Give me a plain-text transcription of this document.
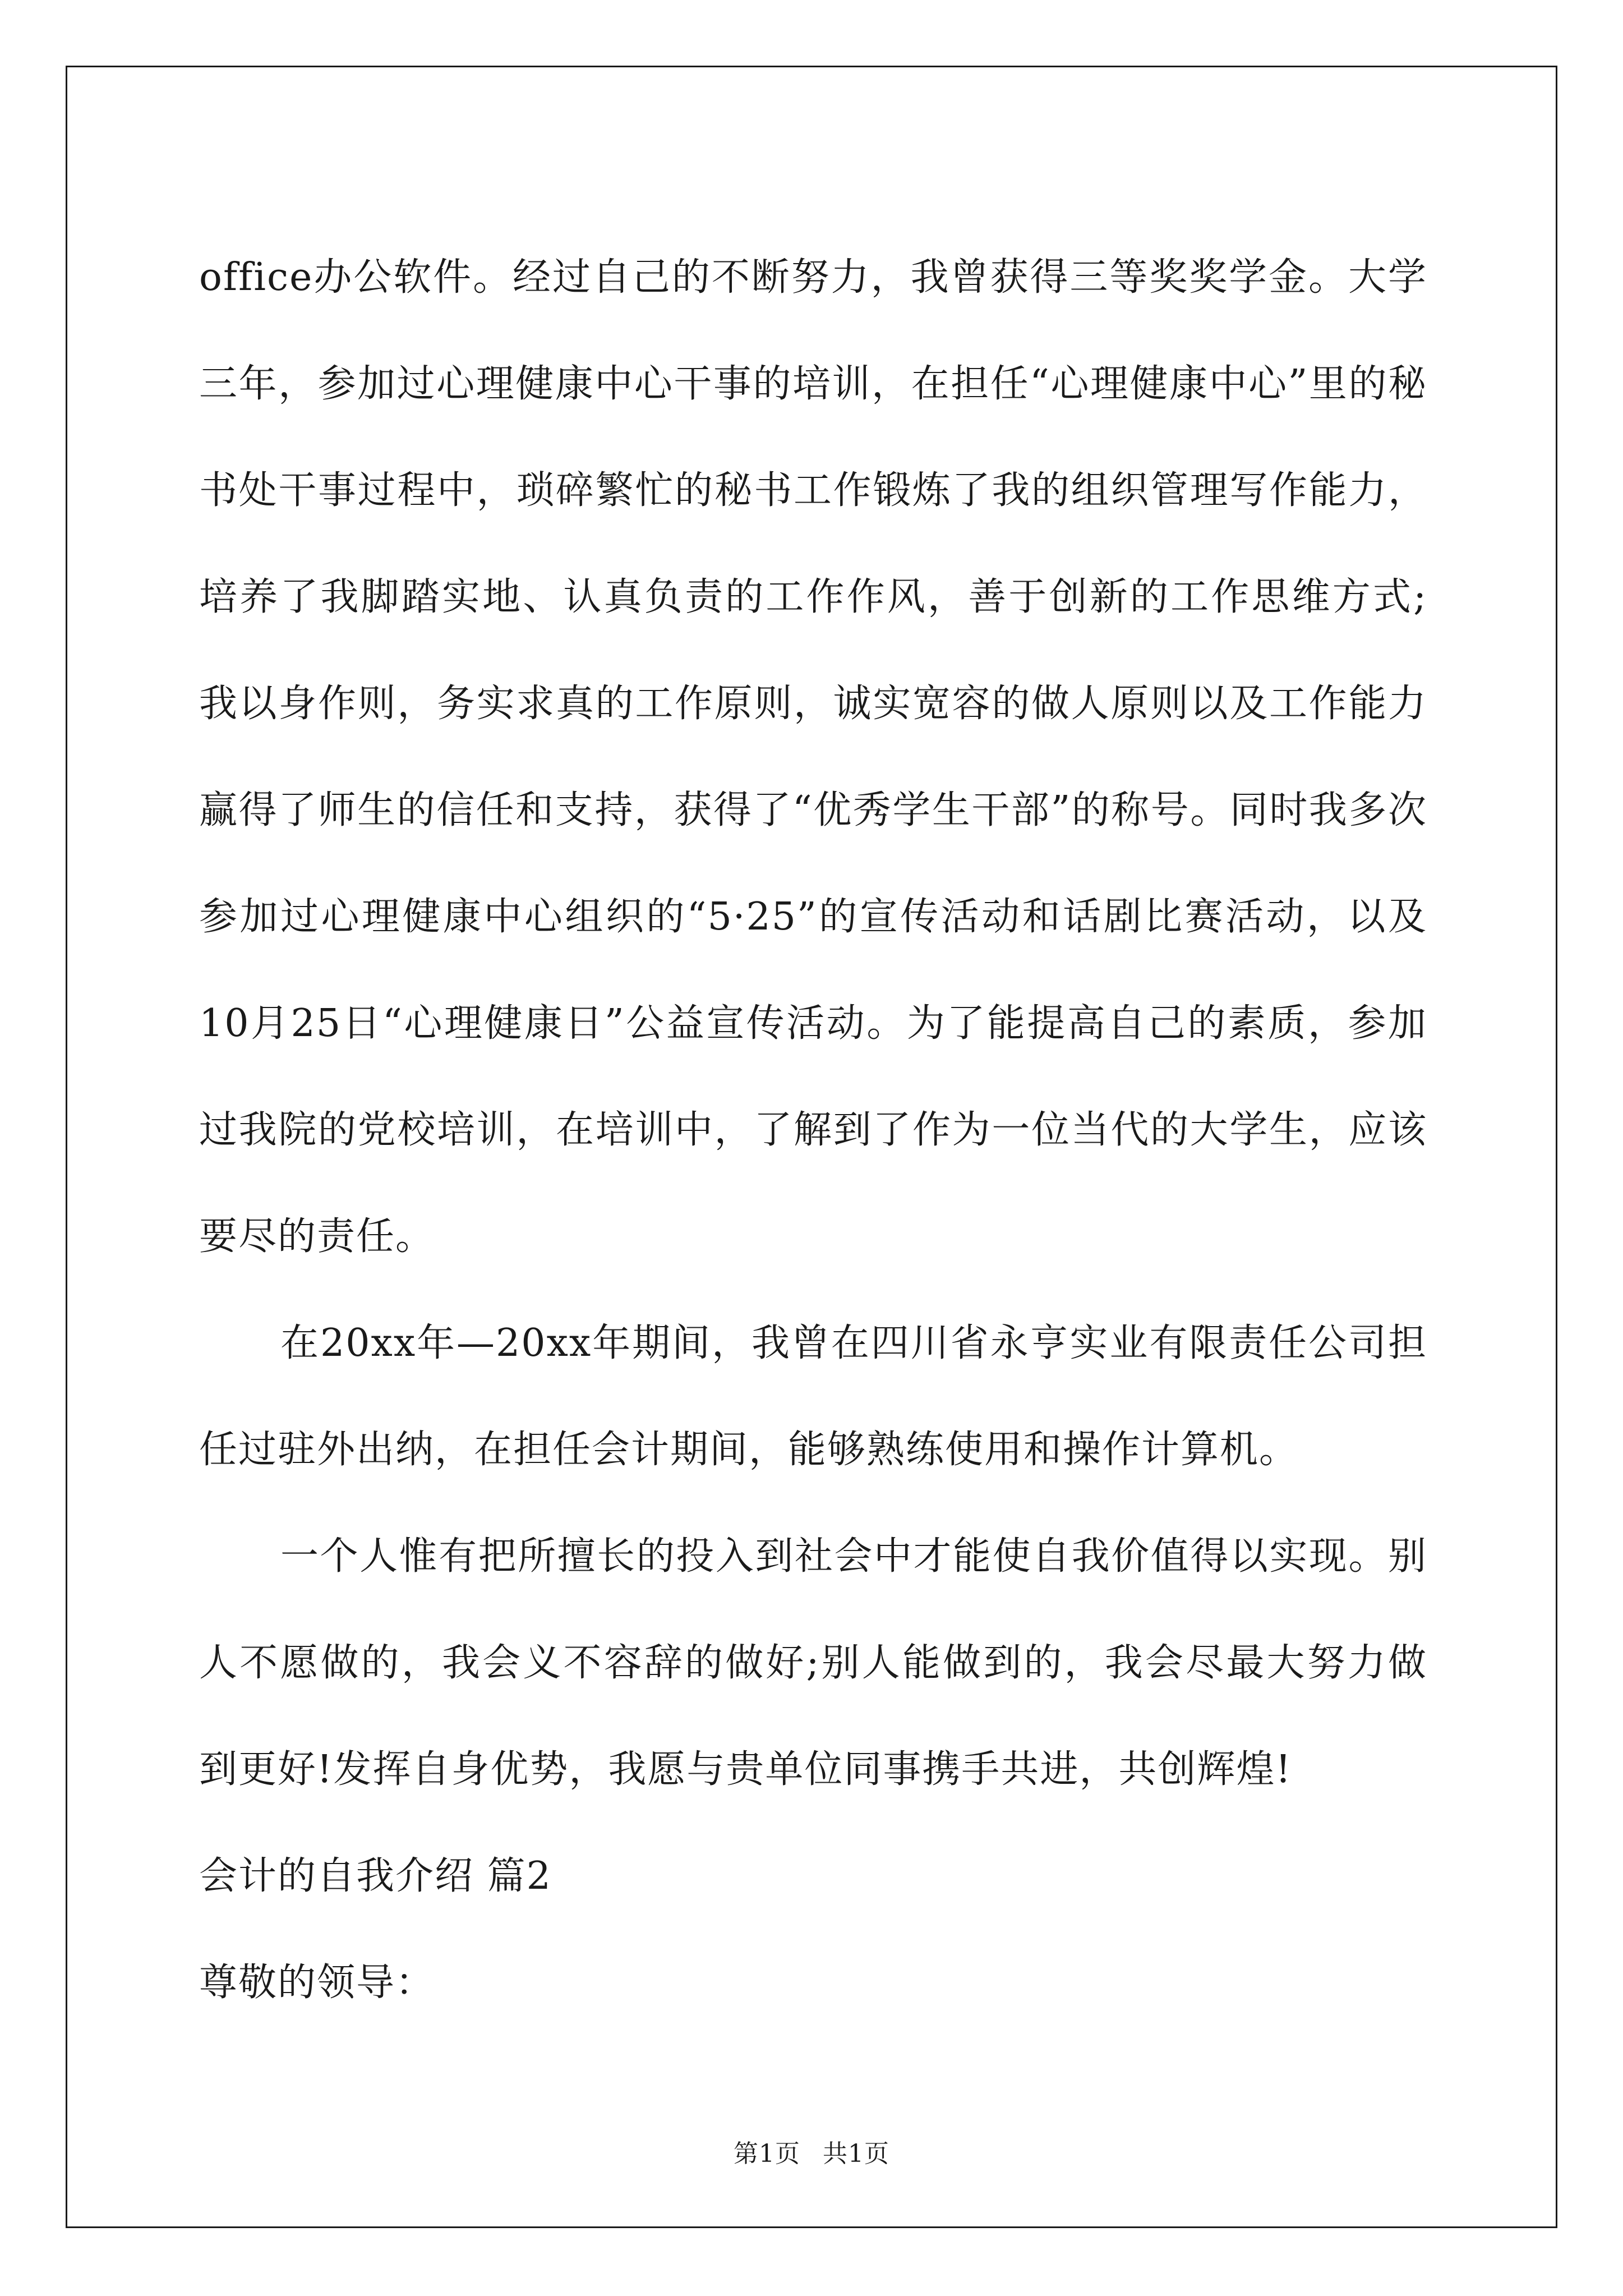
office办公软件。经过自己的不断努力，我曾获得三等奖奖学金。大学三年，参加过心理健康中心干事的培训，在担任“心理健康中心”里的秘书处干事过程中，琐碎繁忙的秘书工作锻炼了我的组织管理写作能力，培养了我脚踏实地、认真负责的工作作风，善于创新的工作思维方式;我以身作则，务实求真的工作原则，诚实宽容的做人原则以及工作能力赢得了师生的信任和支持，获得了“优秀学生干部”的称号。同时我多次参加过心理健康中心组织的“5·25”的宣传活动和话剧比赛活动，以及10月25日“心理健康日”公益宣传活动。为了能提高自己的素质，参加过我院的党校培训，在培训中，了解到了作为一位当代的大学生，应该要尽的责任。

在20xx年—20xx年期间，我曾在四川省永亨实业有限责任公司担任过驻外出纳，在担任会计期间，能够熟练使用和操作计算机。

一个人惟有把所擅长的投入到社会中才能使自我价值得以实现。别人不愿做的，我会义不容辞的做好;别人能做到的，我会尽最大努力做到更好!发挥自身优势，我愿与贵单位同事携手共进，共创辉煌!

会计的自我介绍 篇2

尊敬的领导：

第1页 共1页
